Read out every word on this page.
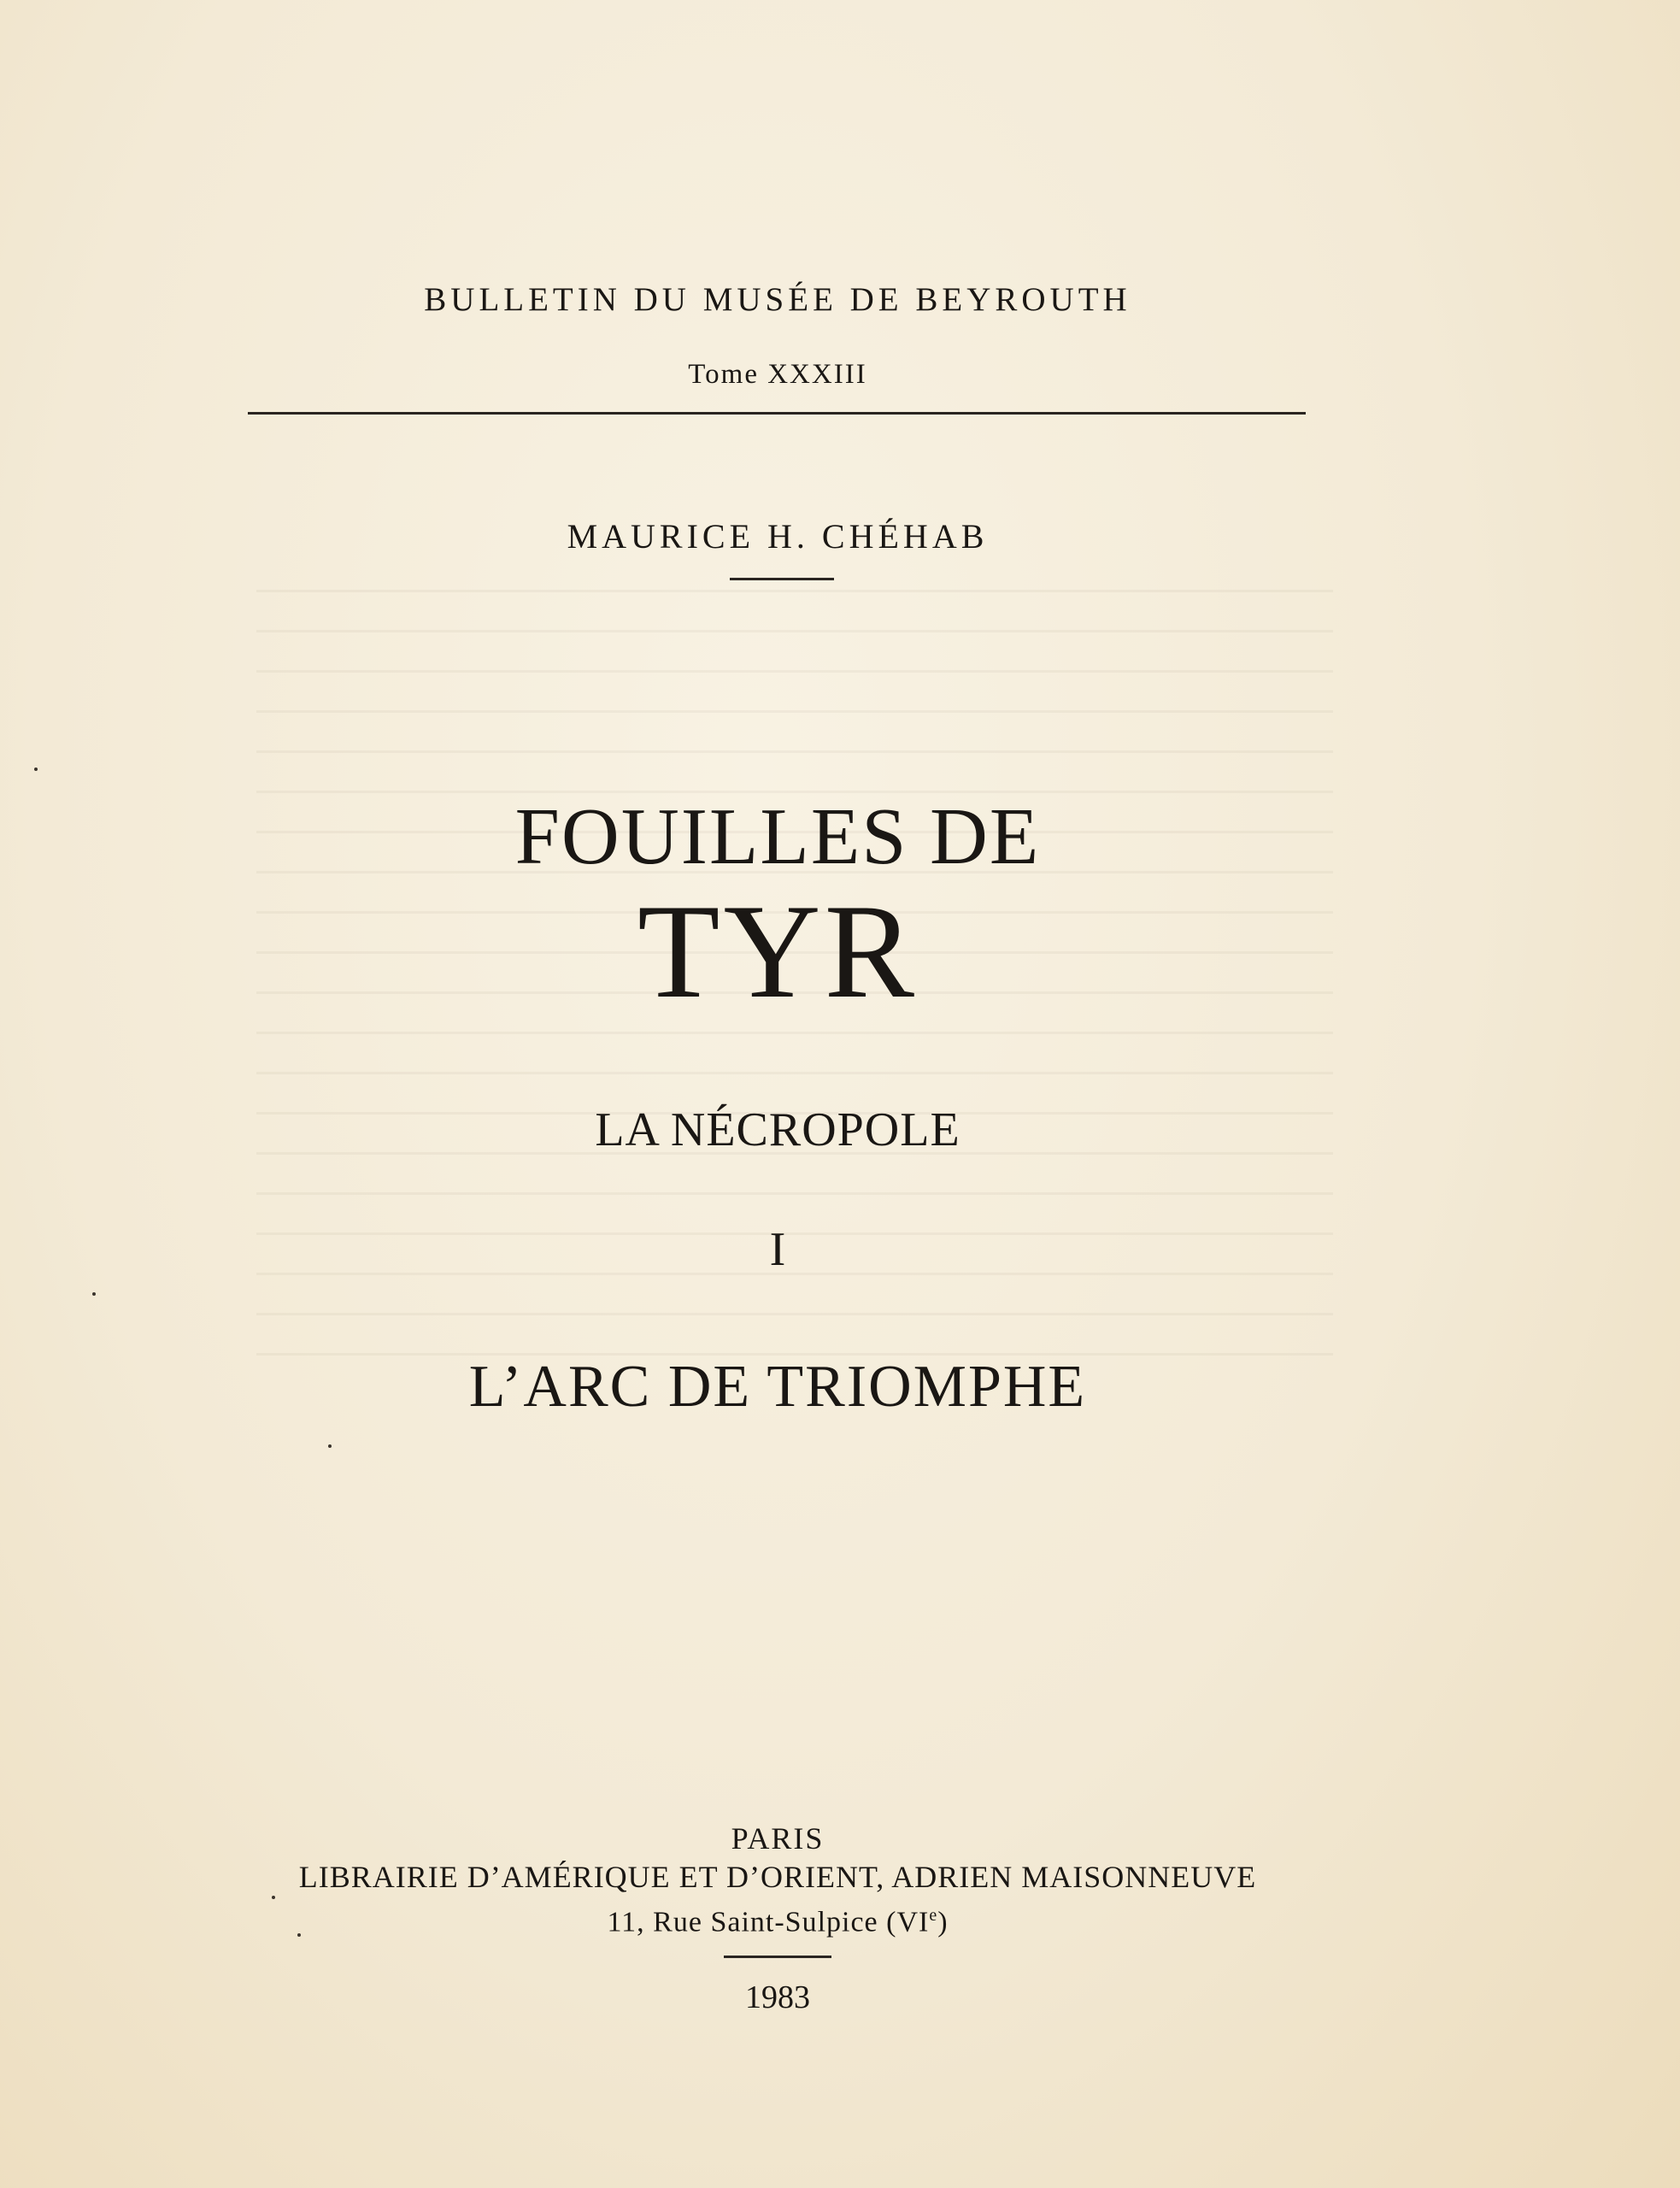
BULLETIN DU MUSÉE DE BEYROUTH
Tome XXXIII
MAURICE H. CHÉHAB
FOUILLES DE
TYR
LA NÉCROPOLE
I
L’ARC DE TRIOMPHE
PARIS
LIBRAIRIE D’AMÉRIQUE ET D’ORIENT, ADRIEN MAISONNEUVE
11, Rue Saint-Sulpice (VIe)
1983
